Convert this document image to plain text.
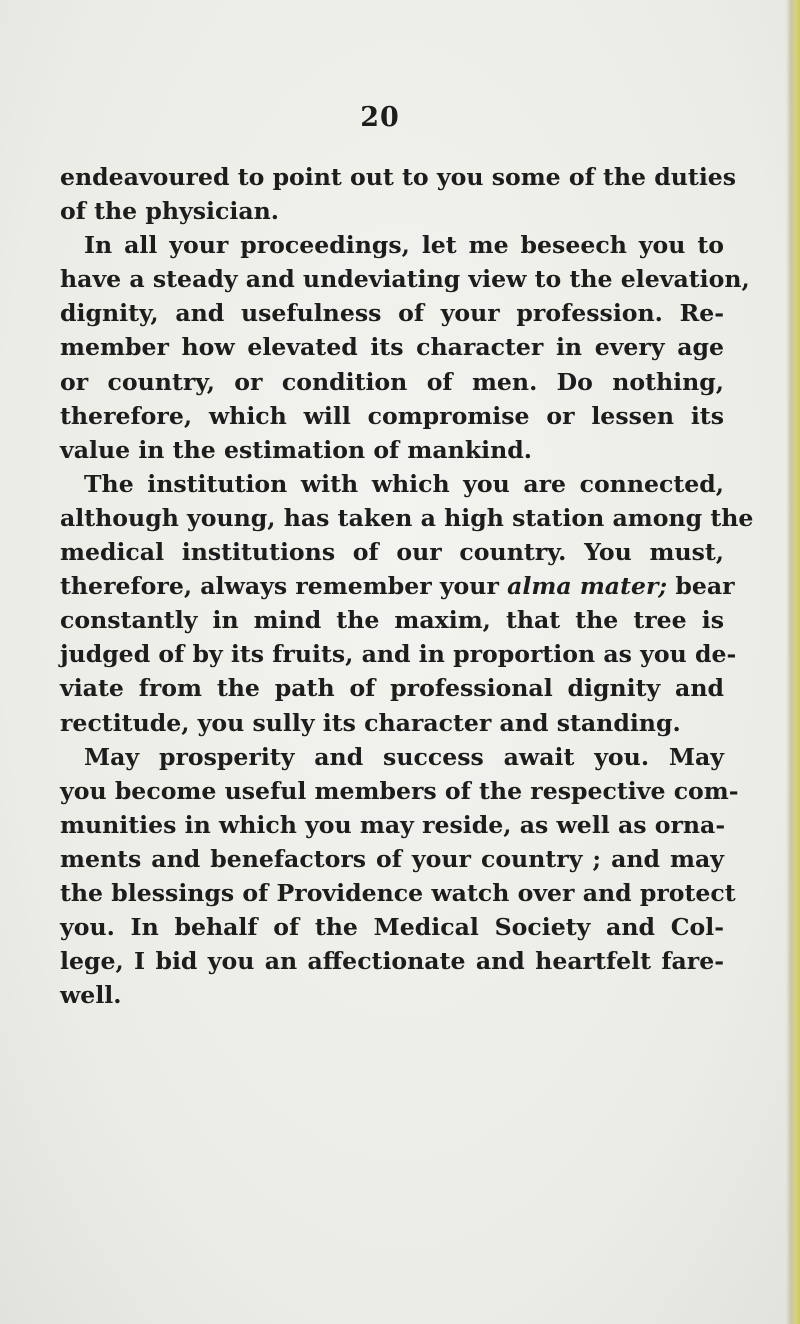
20
endeavoured to point out to you some of the duties
of the physician.
In all your proceedings, let me beseech you to
have a steady and undeviating view to the elevation,
dignity, and usefulness of your profession. Re-
member how elevated its character in every age
or country, or condition of men. Do nothing,
therefore, which will compromise or lessen its
value in the estimation of mankind.
The institution with which you are connected,
although young, has taken a high station among the
medical institutions of our country. You must,
therefore, always remember your alma mater; bear
constantly in mind the maxim, that the tree is
judged of by its fruits, and in proportion as you de-
viate from the path of professional dignity and
rectitude, you sully its character and standing.
May prosperity and success await you. May
you become useful members of the respective com-
munities in which you may reside, as well as orna-
ments and benefactors of your country ; and may
the blessings of Providence watch over and protect
you. In behalf of the Medical Society and Col-
lege, I bid you an affectionate and heartfelt fare-
well.
